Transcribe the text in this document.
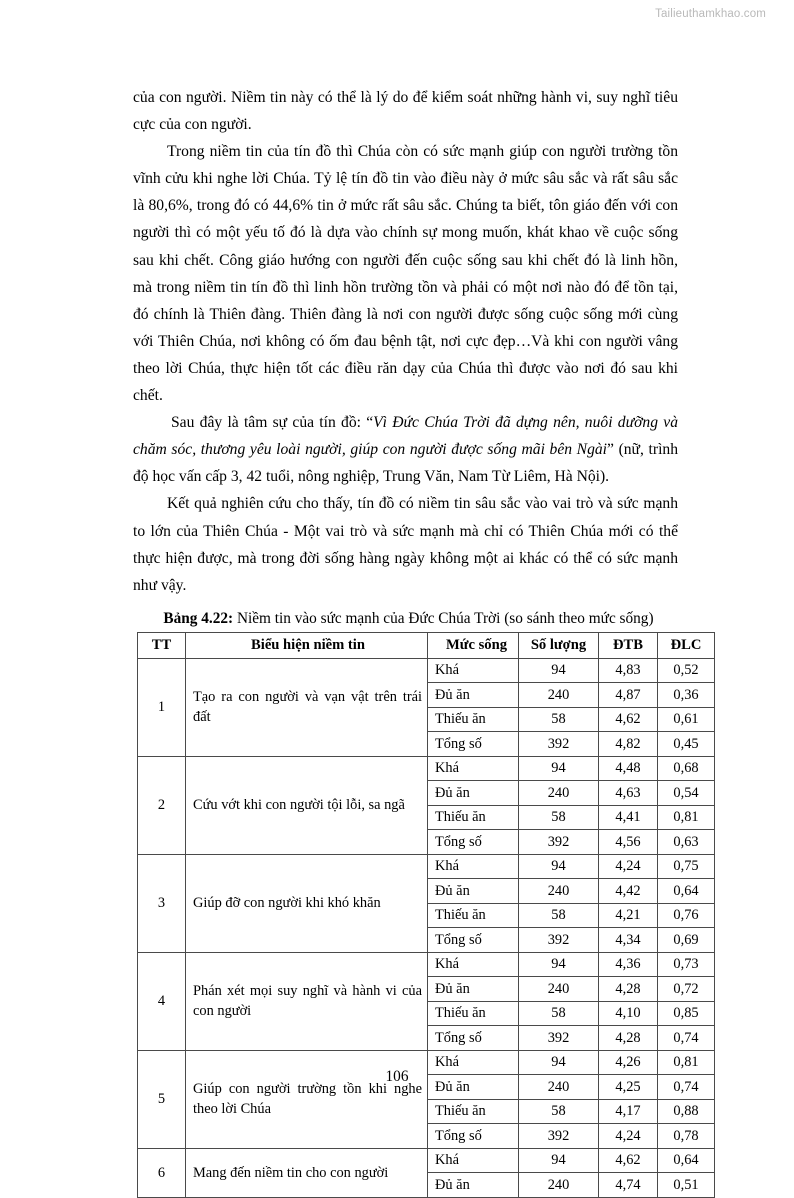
Tailieuthamkhao.com

của con người. Niềm tin này có thể là lý do để kiểm soát những hành vi, suy nghĩ tiêu cực của con người.

Trong niềm tin của tín đồ thì Chúa còn có sức mạnh giúp con người trường tồn vĩnh cửu khi nghe lời Chúa. Tỷ lệ tín đồ tin vào điều này ở mức sâu sắc và rất sâu sắc là 80,6%, trong đó có 44,6% tin ở mức rất sâu sắc. Chúng ta biết, tôn giáo đến với con người thì có một yếu tố đó là dựa vào chính sự mong muốn, khát khao về cuộc sống sau khi chết. Công giáo hướng con người đến cuộc sống sau khi chết đó là linh hồn, mà trong niềm tin tín đồ thì linh hồn trường tồn và phải có một nơi nào đó để tồn tại, đó chính là Thiên đàng. Thiên đàng là nơi con người được sống cuộc sống mới cùng với Thiên Chúa, nơi không có ốm đau bệnh tật, nơi cực đẹp…Và khi con người vâng theo lời Chúa, thực hiện tốt các điều răn dạy của Chúa thì được vào nơi đó sau khi chết.

Sau đây là tâm sự của tín đồ: “Vì Đức Chúa Trời đã dựng nên, nuôi dưỡng và chăm sóc, thương yêu loài người, giúp con người được sống mãi bên Ngài” (nữ, trình độ học vấn cấp 3, 42 tuổi, nông nghiệp, Trung Văn, Nam Từ Liêm, Hà Nội).

Kết quả nghiên cứu cho thấy, tín đồ có niềm tin sâu sắc vào vai trò và sức mạnh to lớn của Thiên Chúa - Một vai trò và sức mạnh mà chỉ có Thiên Chúa mới có thể thực hiện được, mà trong đời sống hàng ngày không một ai khác có thể có sức mạnh như vậy.

Bảng 4.22: Niềm tin vào sức mạnh của Đức Chúa Trời (so sánh theo mức sống)
TT	Biểu hiện niềm tin	Mức sống	Số lượng	ĐTB	ĐLC
1	Tạo ra con người và vạn vật trên trái đất	Khá	94	4,83	0,52
		Đủ ăn	240	4,87	0,36
		Thiếu ăn	58	4,62	0,61
		Tổng số	392	4,82	0,45
2	Cứu vớt khi con người tội lỗi, sa ngã	Khá	94	4,48	0,68
		Đủ ăn	240	4,63	0,54
		Thiếu ăn	58	4,41	0,81
		Tổng số	392	4,56	0,63
3	Giúp đỡ con người khi khó khăn	Khá	94	4,24	0,75
		Đủ ăn	240	4,42	0,64
		Thiếu ăn	58	4,21	0,76
		Tổng số	392	4,34	0,69
4	Phán xét mọi suy nghĩ và hành vi của con người	Khá	94	4,36	0,73
		Đủ ăn	240	4,28	0,72
		Thiếu ăn	58	4,10	0,85
		Tổng số	392	4,28	0,74
5	Giúp con người trường tồn khi nghe theo lời Chúa	Khá	94	4,26	0,81
		Đủ ăn	240	4,25	0,74
		Thiếu ăn	58	4,17	0,88
		Tổng số	392	4,24	0,78
6	Mang đến niềm tin cho con người	Khá	94	4,62	0,64
		Đủ ăn	240	4,74	0,51
106
